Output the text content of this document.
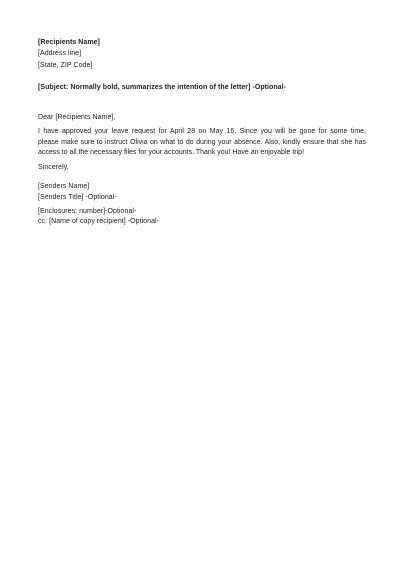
[Recipients Name]
[Address line]
[State, ZIP Code]
[Subject: Normally bold, summarizes the intention of the letter] -Optional-
Dear [Recipients Name],
I have approved your leave request for April 28 on May 16. Since you will be gone for some time,
please make sure to instruct Olivia on what to do during your absence. Also, kindly ensure that she has
access to all the necessary files for your accounts. Thank you! Have an enjoyable trip!
Sincerely,
[Senders Name]
[Senders Title] -Optional-
[Enclosures: number]-Optional-
cc: [Name of copy recipient] -Optional-
